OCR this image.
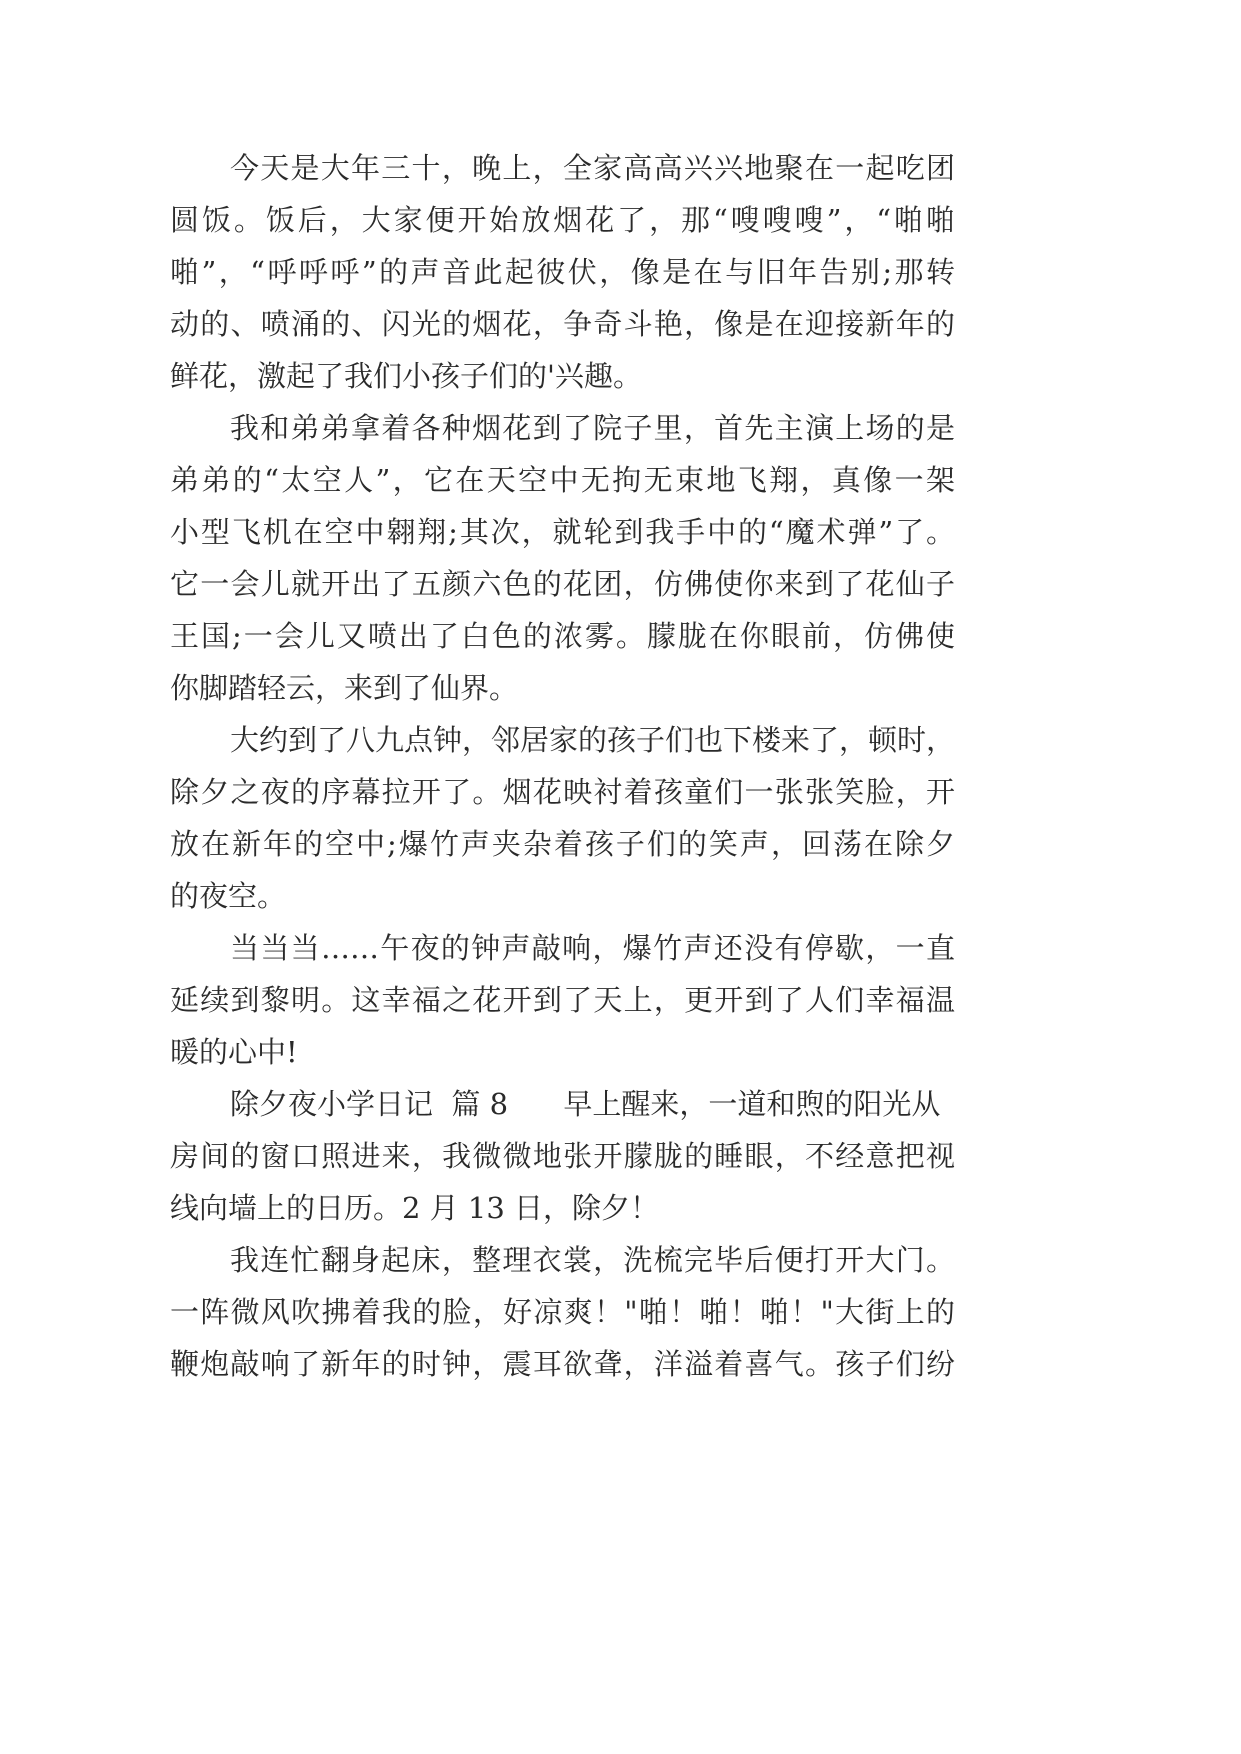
今天是大年三十，晚上，全家高高兴兴地聚在一起吃团
圆饭。饭后，大家便开始放烟花了，那“嗖嗖嗖”，“啪啪
啪”，“呼呼呼”的声音此起彼伏，像是在与旧年告别;那转
动的、喷涌的、闪光的烟花，争奇斗艳，像是在迎接新年的
鲜花，激起了我们小孩子们的'兴趣。
我和弟弟拿着各种烟花到了院子里，首先主演上场的是
弟弟的“太空人”，它在天空中无拘无束地飞翔，真像一架
小型飞机在空中翱翔;其次，就轮到我手中的“魔术弹”了。
它一会儿就开出了五颜六色的花团，仿佛使你来到了花仙子
王国;一会儿又喷出了白色的浓雾。朦胧在你眼前，仿佛使
你脚踏轻云，来到了仙界。
大约到了八九点钟，邻居家的孩子们也下楼来了，顿时，
除夕之夜的序幕拉开了。烟花映衬着孩童们一张张笑脸，开
放在新年的空中;爆竹声夹杂着孩子们的笑声，回荡在除夕
的夜空。
当当当……午夜的钟声敲响，爆竹声还没有停歇，一直
延续到黎明。这幸福之花开到了天上，更开到了人们幸福温
暖的心中!
除夕夜小学日记  篇 8      早上醒来，一道和煦的阳光从
房间的窗口照进来，我微微地张开朦胧的睡眼，不经意把视
线向墙上的日历。2 月 13 日，除夕！
我连忙翻身起床，整理衣裳，洗梳完毕后便打开大门。
一阵微风吹拂着我的脸，好凉爽！"啪！啪！啪！"大街上的
鞭炮敲响了新年的时钟，震耳欲聋，洋溢着喜气。孩子们纷
